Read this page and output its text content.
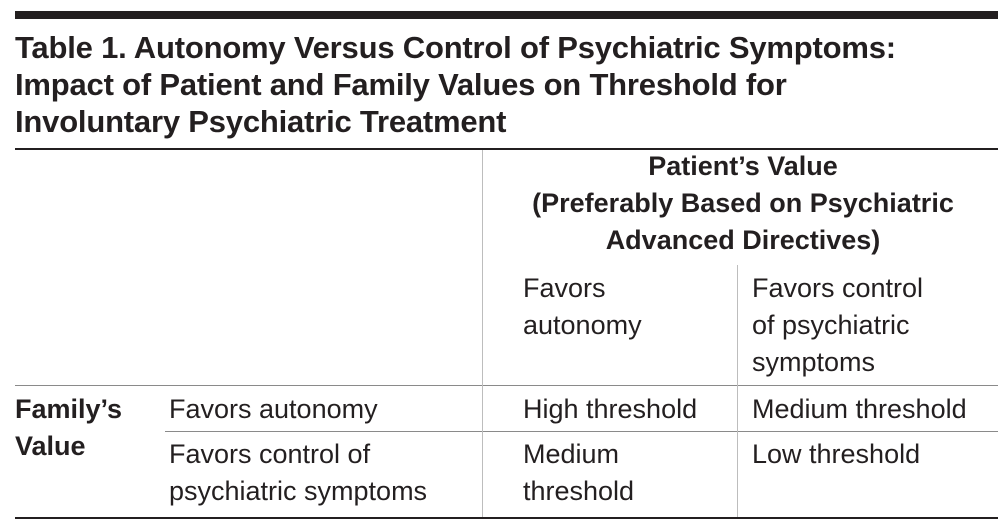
Table 1. Autonomy Versus Control of Psychiatric Symptoms:
Impact of Patient and Family Values on Threshold for
Involuntary Psychiatric Treatment
Patient’s Value
(Preferably Based on Psychiatric
Advanced Directives)
Favors
autonomy
Favors control
of psychiatric
symptoms
Family’s
Value
Favors autonomy	High threshold Medium threshold
Favors control of
psychiatric symptoms
Medium
threshold
Low threshold
